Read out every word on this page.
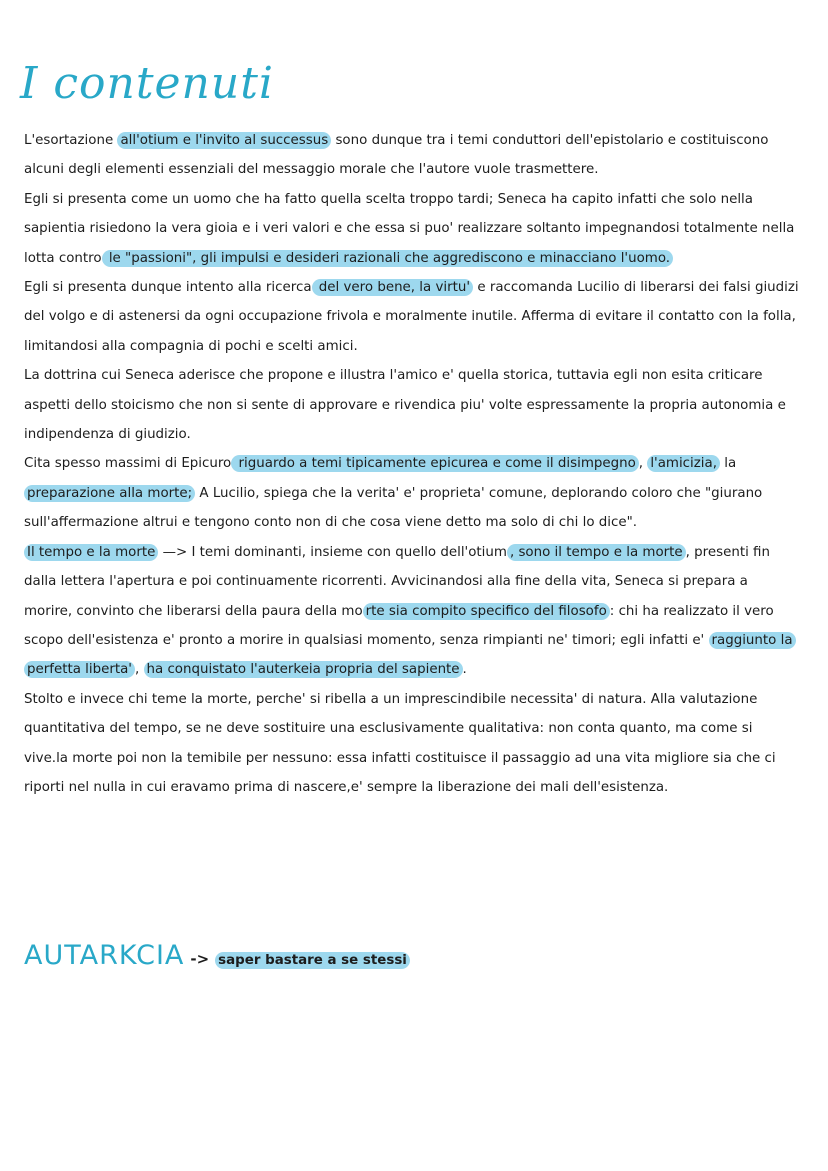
I contenuti

L'esortazione all'otium e l'invito al successus sono dunque tra i temi conduttori dell'epistolario e costituiscono alcuni degli elementi essenziali del messaggio morale che l'autore vuole trasmettere.

Egli si presenta come un uomo che ha fatto quella scelta troppo tardi; Seneca ha capito infatti che solo nella sapientia risiedono la vera gioia e i veri valori e che essa si puo' realizzare soltanto impegnandosi totalmente nella lotta contro le "passioni", gli impulsi e desideri razionali che aggrediscono e minacciano l'uomo.

Egli si presenta dunque intento alla ricerca del vero bene, la virtu' e raccomanda Lucilio di liberarsi dei falsi giudizi del volgo e di astenersi da ogni occupazione frivola e moralmente inutile. Afferma di evitare il contatto con la folla, limitandosi alla compagnia di pochi e scelti amici.

La dottrina cui Seneca aderisce che propone e illustra l'amico e' quella storica, tuttavia egli non esita criticare aspetti dello stoicismo che non si sente di approvare e rivendica piu' volte espressamente la propria autonomia e indipendenza di giudizio.

Cita spesso massimi di Epicuro riguardo a temi tipicamente epicurea e come il disimpegno , l'amicizia, la preparazione alla morte; A Lucilio, spiega che la verita' e' proprieta' comune, deplorando coloro che "giurano sull'affermazione altrui e tengono conto non di che cosa viene detto ma solo di chi lo dice".

Il tempo e la morte —> I temi dominanti, insieme con quello dell'otium , sono il tempo e la morte , presenti fin dalla lettera l'apertura e poi continuamente ricorrenti. Avvicinandosi alla fine della vita, Seneca si prepara a morire, convinto che liberarsi della paura della mo rte sia compito specifico del filosofo : chi ha realizzato il vero scopo dell'esistenza e' pronto a morire in qualsiasi momento, senza rimpianti ne' timori; egli infatti e' raggiunto la perfetta liberta' , ha conquistato l'auterkeia propria del sapiente .

Stolto e invece chi teme la morte, perche' si ribella a un imprescindibile necessita' di natura. Alla valutazione quantitativa del tempo, se ne deve sostituire una esclusivamente qualitativa: non conta quanto, ma come si vive.la morte poi non la temibile per nessuno: essa infatti costituisce il passaggio ad una vita migliore sia che ci riporti nel nulla in cui eravamo prima di nascere,e' sempre la liberazione dei mali dell'esistenza.

AUTARKCIA -> saper bastare a se stessi
